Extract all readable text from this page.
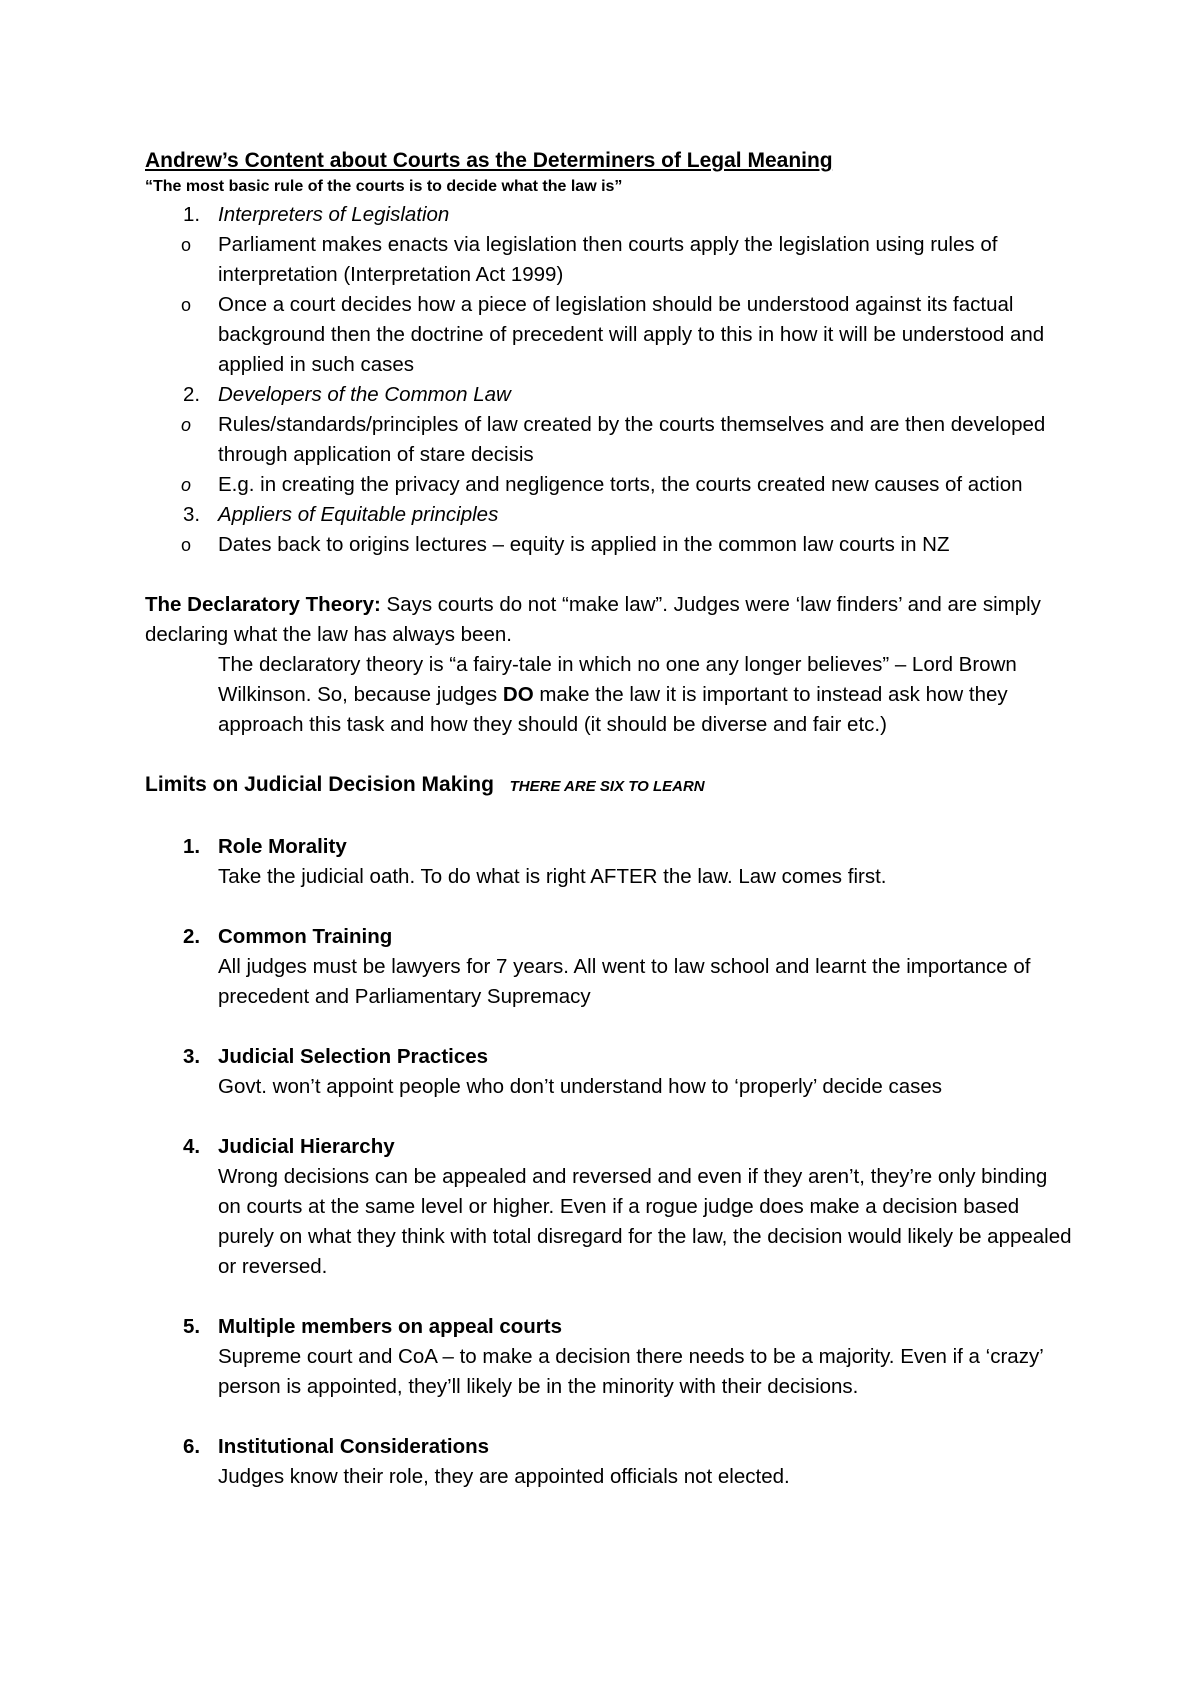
Andrew’s Content about Courts as the Determiners of Legal Meaning
“The most basic rule of the courts is to decide what the law is”
1. Interpreters of Legislation
o Parliament makes enacts via legislation then courts apply the legislation using rules of interpretation (Interpretation Act 1999)
o Once a court decides how a piece of legislation should be understood against its factual background then the doctrine of precedent will apply to this in how it will be understood and applied in such cases
2. Developers of the Common Law
o Rules/standards/principles of law created by the courts themselves and are then developed through application of stare decisis
o E.g. in creating the privacy and negligence torts, the courts created new causes of action
3. Appliers of Equitable principles
o Dates back to origins lectures – equity is applied in the common law courts in NZ
The Declaratory Theory: Says courts do not “make law”. Judges were ‘law finders’ and are simply declaring what the law has always been.
The declaratory theory is “a fairy-tale in which no one any longer believes” – Lord Brown Wilkinson. So, because judges DO make the law it is important to instead ask how they approach this task and how they should (it should be diverse and fair etc.)
Limits on Judicial Decision Making THERE ARE SIX TO LEARN
1. Role Morality
Take the judicial oath. To do what is right AFTER the law. Law comes first.
2. Common Training
All judges must be lawyers for 7 years. All went to law school and learnt the importance of precedent and Parliamentary Supremacy
3. Judicial Selection Practices
Govt. won’t appoint people who don’t understand how to ‘properly’ decide cases
4. Judicial Hierarchy
Wrong decisions can be appealed and reversed and even if they aren’t, they’re only binding on courts at the same level or higher. Even if a rogue judge does make a decision based purely on what they think with total disregard for the law, the decision would likely be appealed or reversed.
5. Multiple members on appeal courts
Supreme court and CoA – to make a decision there needs to be a majority. Even if a ‘crazy’ person is appointed, they’ll likely be in the minority with their decisions.
6. Institutional Considerations
Judges know their role, they are appointed officials not elected.
